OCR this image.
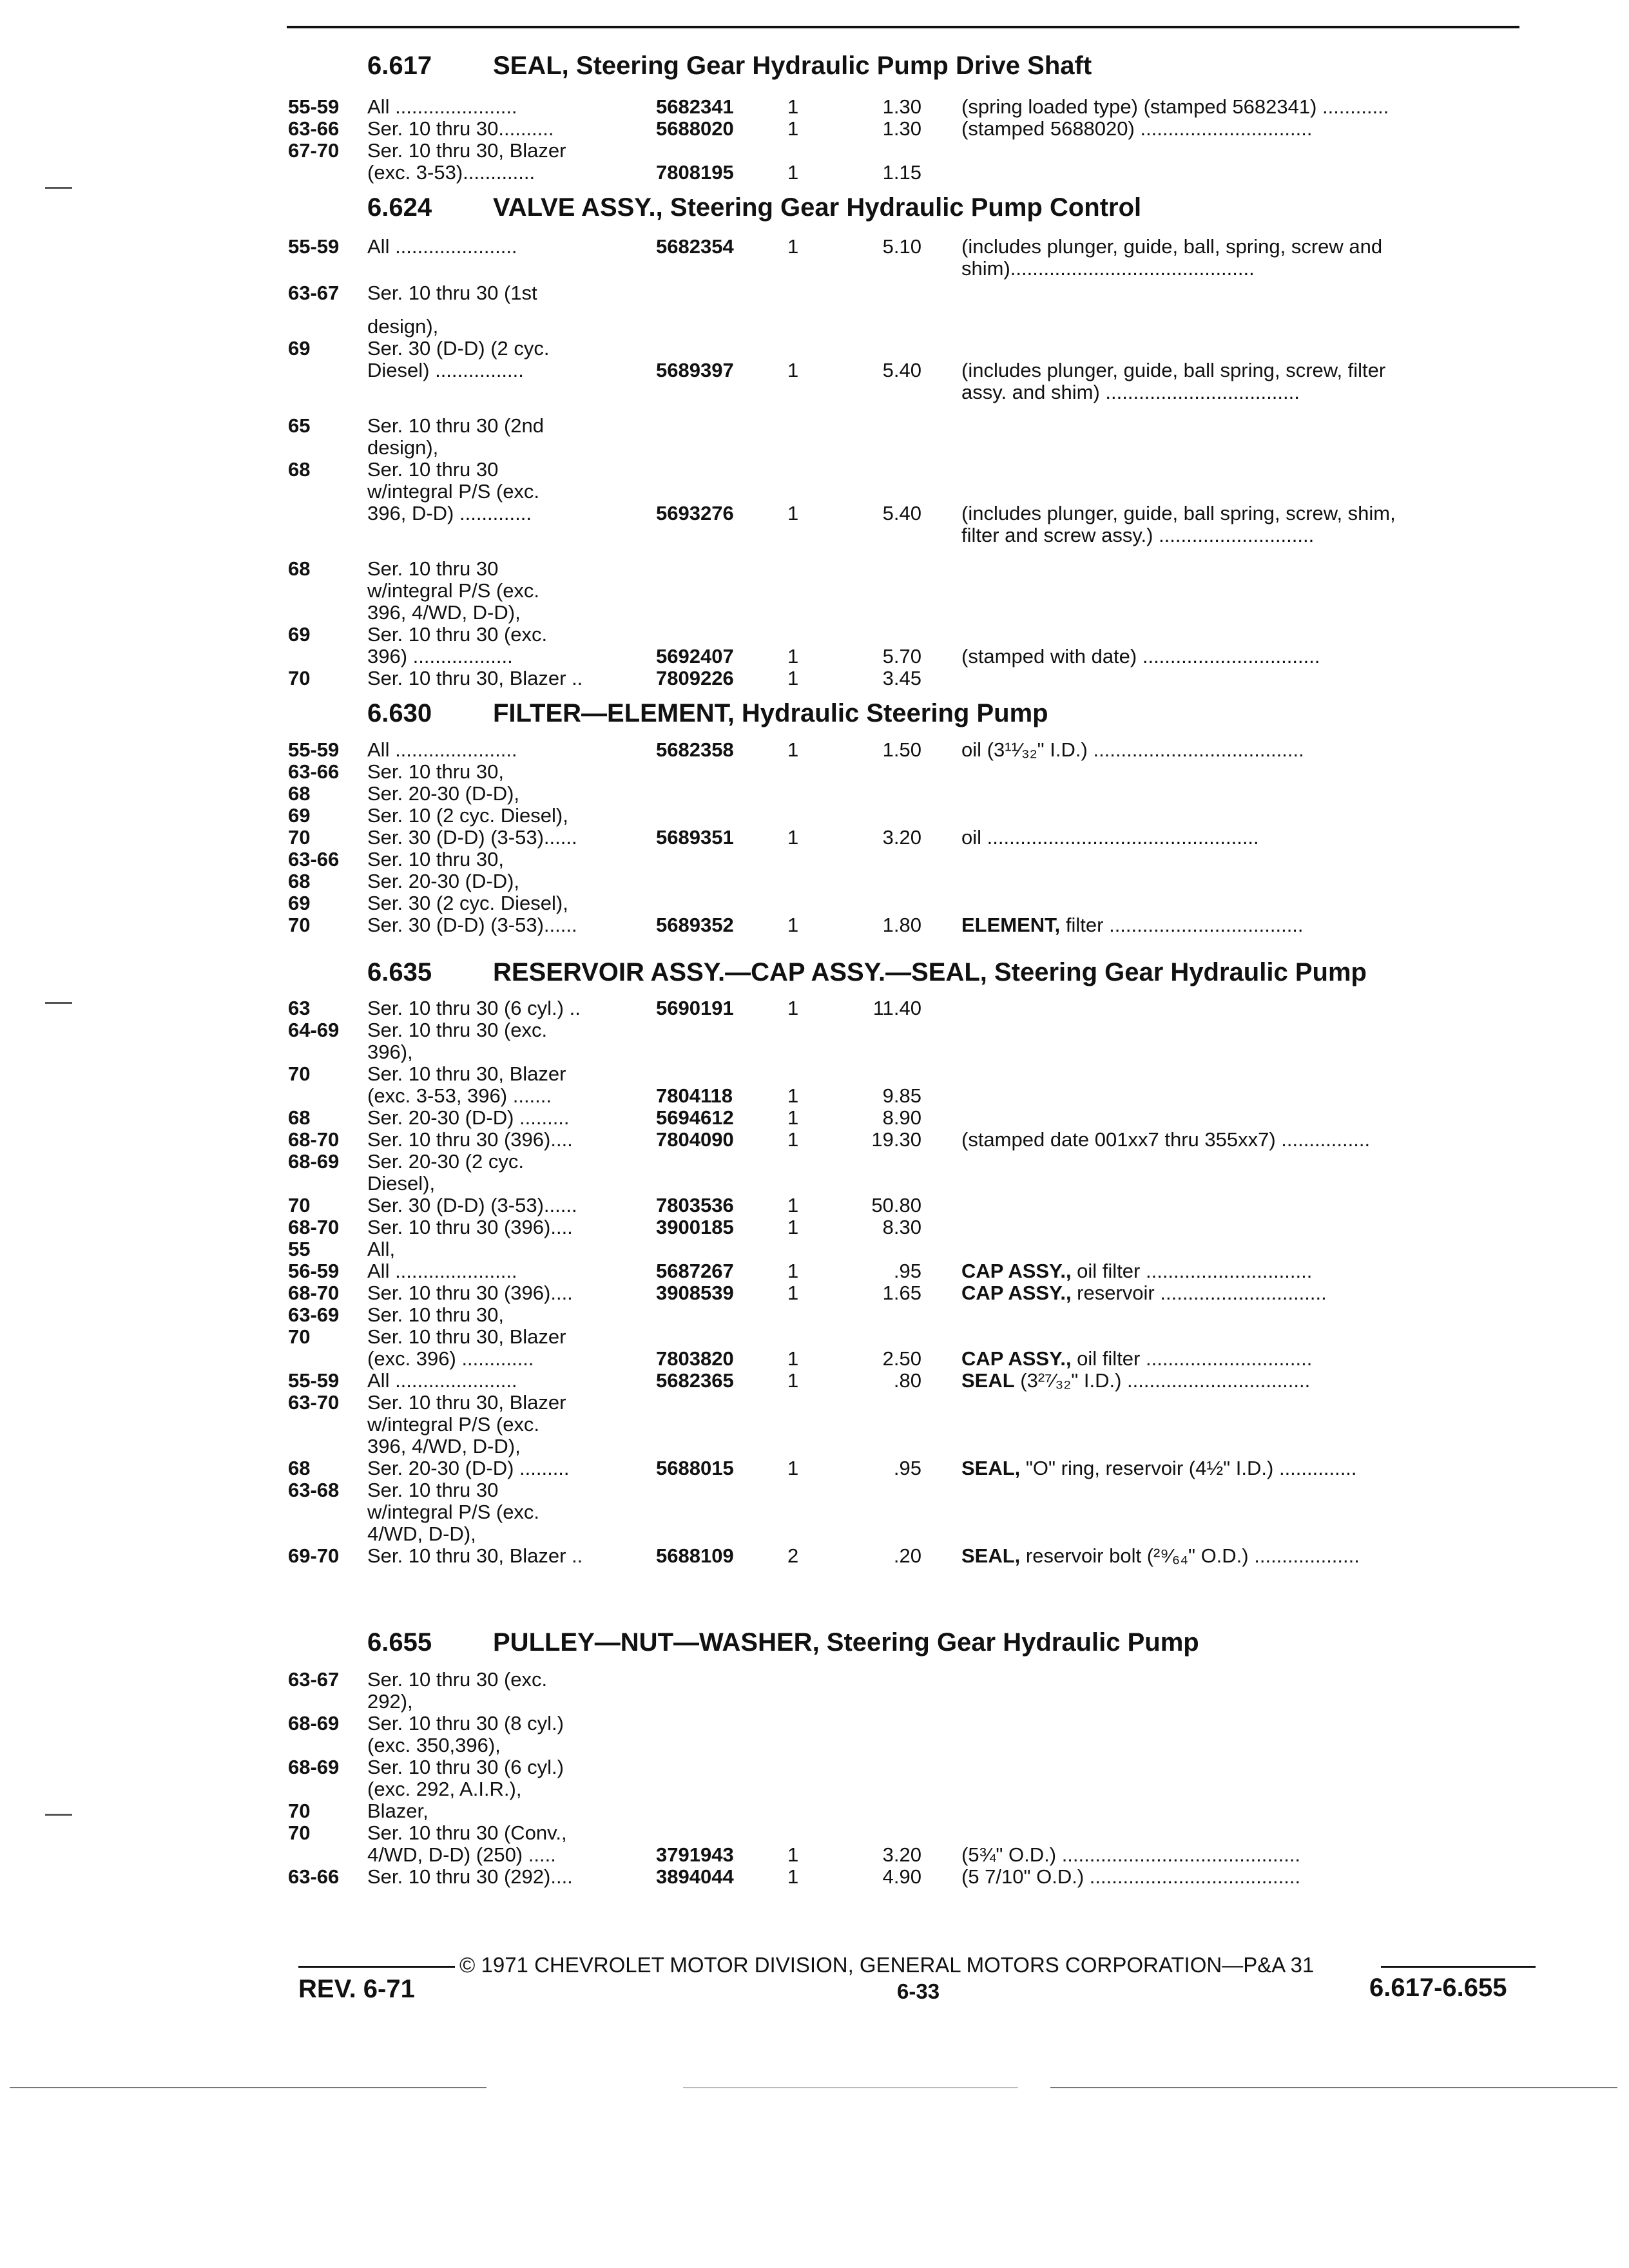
6.617 SEAL, Steering Gear Hydraulic Pump Drive Shaft
55-59 All ......................	5682341	1	1.30 (spring loaded type) (stamped 5682341) ............
63-66 Ser. 10 thru 30..........	5688020	1	1.30 (stamped 5688020) ...............................
67-70 Ser. 10 thru 30, Blazer
(exc. 3-53).............	7808195	1	1.15
6.624 VALVE ASSY., Steering Gear Hydraulic Pump Control
55-59 All ......................	5682354	1	5.10 (includes plunger, guide, ball, spring, screw and
shim)............................................
63-67 Ser. 10 thru 30 (1st
design),
69	Ser. 30 (D-D) (2 cyc.
Diesel) ................	5689397	1	5.40 (includes plunger, guide, ball spring, screw, filter
assy. and shim) ...................................
65	Ser. 10 thru 30 (2nd
design),
68	Ser. 10 thru 30
w/integral P/S (exc.
396, D-D) .............	5693276	1	5.40 (includes plunger, guide, ball spring, screw, shim,
filter and screw assy.) ............................
68	Ser. 10 thru 30
w/integral P/S (exc.
396, 4/WD, D-D),
69	Ser. 10 thru 30 (exc.
396) ..................	5692407	1	5.70 (stamped with date) ................................
70	Ser. 10 thru 30, Blazer ..	7809226	1	3.45
6.630 FILTER—ELEMENT, Hydraulic Steering Pump
55-59 All ......................	5682358	1	1.50 oil (3¹¹⁄₃₂" I.D.) ......................................
63-66 Ser. 10 thru 30,
68	Ser. 20-30 (D-D),
69	Ser. 10 (2 cyc. Diesel),
70	Ser. 30 (D-D) (3-53)......	5689351	1	3.20 oil .................................................
63-66 Ser. 10 thru 30,
68	Ser. 20-30 (D-D),
69	Ser. 30 (2 cyc. Diesel),
70	Ser. 30 (D-D) (3-53)......	5689352	1	1.80 ELEMENT, filter ...................................
6.635 RESERVOIR ASSY.—CAP ASSY.—SEAL, Steering Gear Hydraulic Pump
63	Ser. 10 thru 30 (6 cyl.) ..	5690191	1	11.40
64-69 Ser. 10 thru 30 (exc.
396),
70	Ser. 10 thru 30, Blazer
(exc. 3-53, 396) .......	7804118	1	9.85
68	Ser. 20-30 (D-D) .........	5694612	1	8.90
68-70 Ser. 10 thru 30 (396)....	7804090	1	19.30 (stamped date 001xx7 thru 355xx7) ................
68-69 Ser. 20-30 (2 cyc.
Diesel),
70	Ser. 30 (D-D) (3-53)......	7803536	1	50.80
68-70 Ser. 10 thru 30 (396)....	3900185	1	8.30
55	All,
56-59 All ......................	5687267	1	.95 CAP ASSY., oil filter ..............................
68-70 Ser. 10 thru 30 (396)....	3908539	1	1.65 CAP ASSY., reservoir ..............................
63-69 Ser. 10 thru 30,
70	Ser. 10 thru 30, Blazer
(exc. 396) .............	7803820	1	2.50 CAP ASSY., oil filter ..............................
55-59 All ......................	5682365	1	.80 SEAL (3²⁷⁄₃₂" I.D.) .................................
63-70 Ser. 10 thru 30, Blazer
w/integral P/S (exc.
396, 4/WD, D-D),
68	Ser. 20-30 (D-D) .........	5688015	1	.95 SEAL, "O" ring, reservoir (4½" I.D.) ..............
63-68 Ser. 10 thru 30
w/integral P/S (exc.
4/WD, D-D),
69-70 Ser. 10 thru 30, Blazer ..	5688109	2	.20 SEAL, reservoir bolt (²⁹⁄₆₄" O.D.) ...................
6.655 PULLEY—NUT—WASHER, Steering Gear Hydraulic Pump
63-67 Ser. 10 thru 30 (exc.
292),
68-69 Ser. 10 thru 30 (8 cyl.)
(exc. 350,396),
68-69 Ser. 10 thru 30 (6 cyl.)
(exc. 292, A.I.R.),
70	Blazer,
70	Ser. 10 thru 30 (Conv.,
4/WD, D-D) (250) .....	3791943	1	3.20 (5¾" O.D.) ...........................................
63-66 Ser. 10 thru 30 (292)....	3894044	1	4.90 (5 7/10" O.D.) ......................................
© 1971 CHEVROLET MOTOR DIVISION, GENERAL MOTORS CORPORATION—P&A 31
REV. 6-71	6-33	6.617-6.655
